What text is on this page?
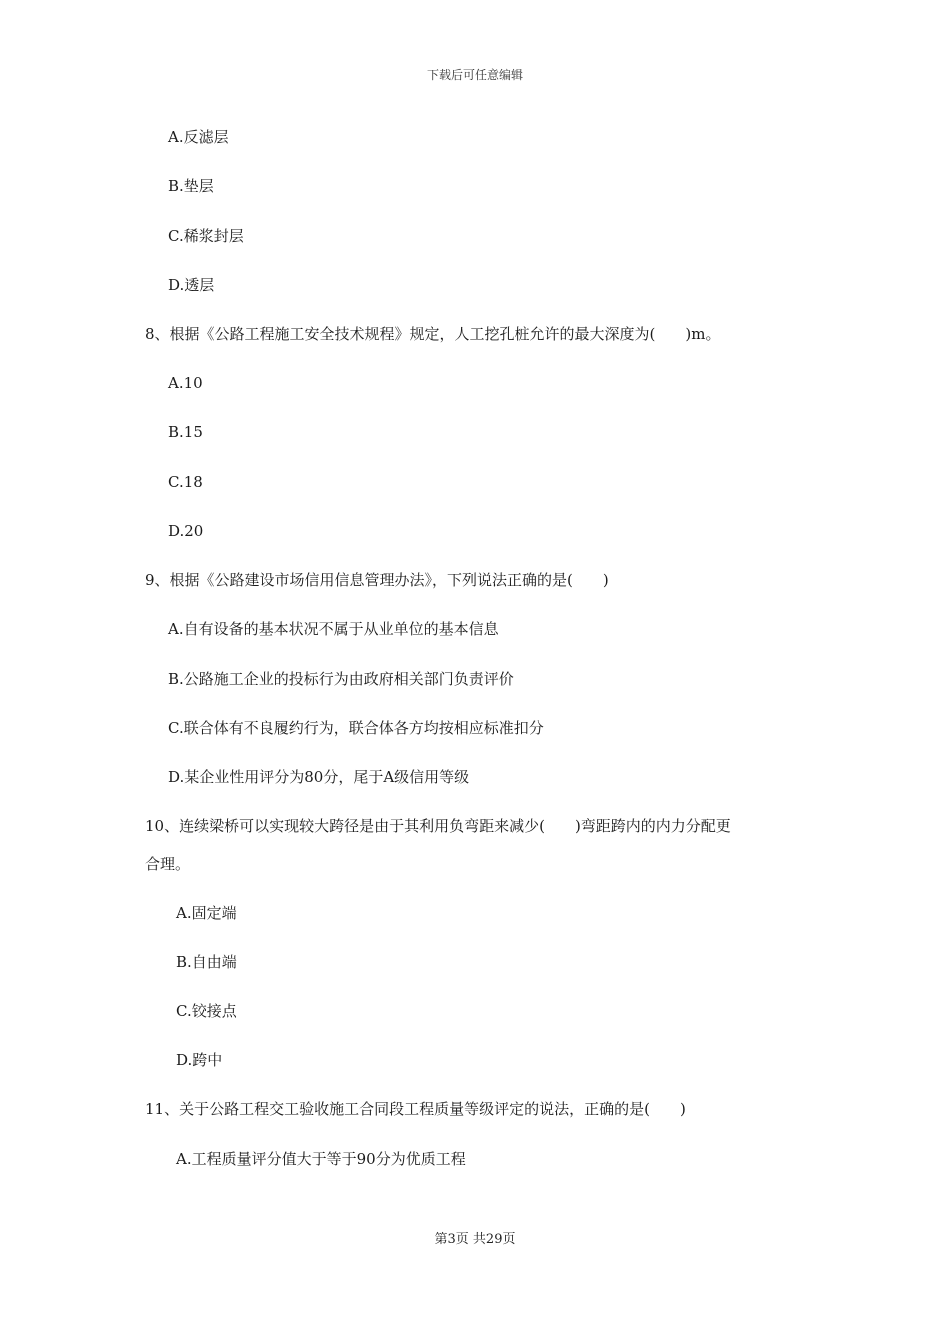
下载后可任意编辑
A.反滤层
B.垫层
C.稀浆封层
D.透层
8、根据《公路工程施工安全技术规程》规定，人工挖孔桩允许的最大深度为(　　)m。
A.10
B.15
C.18
D.20
9、根据《公路建设市场信用信息管理办法》，下列说法正确的是(　　)
A.自有设备的基本状况不属于从业单位的基本信息
B.公路施工企业的投标行为由政府相关部门负责评价
C.联合体有不良履约行为，联合体各方均按相应标准扣分
D.某企业性用评分为80分，尾于A级信用等级
10、连续梁桥可以实现较大跨径是由于其利用负弯距来减少(　　)弯距跨内的内力分配更
合理。
A.固定端
B.自由端
C.铰接点
D.跨中
11、关于公路工程交工验收施工合同段工程质量等级评定的说法，正确的是(　　)
A.工程质量评分值大于等于90分为优质工程
第3页 共29页
